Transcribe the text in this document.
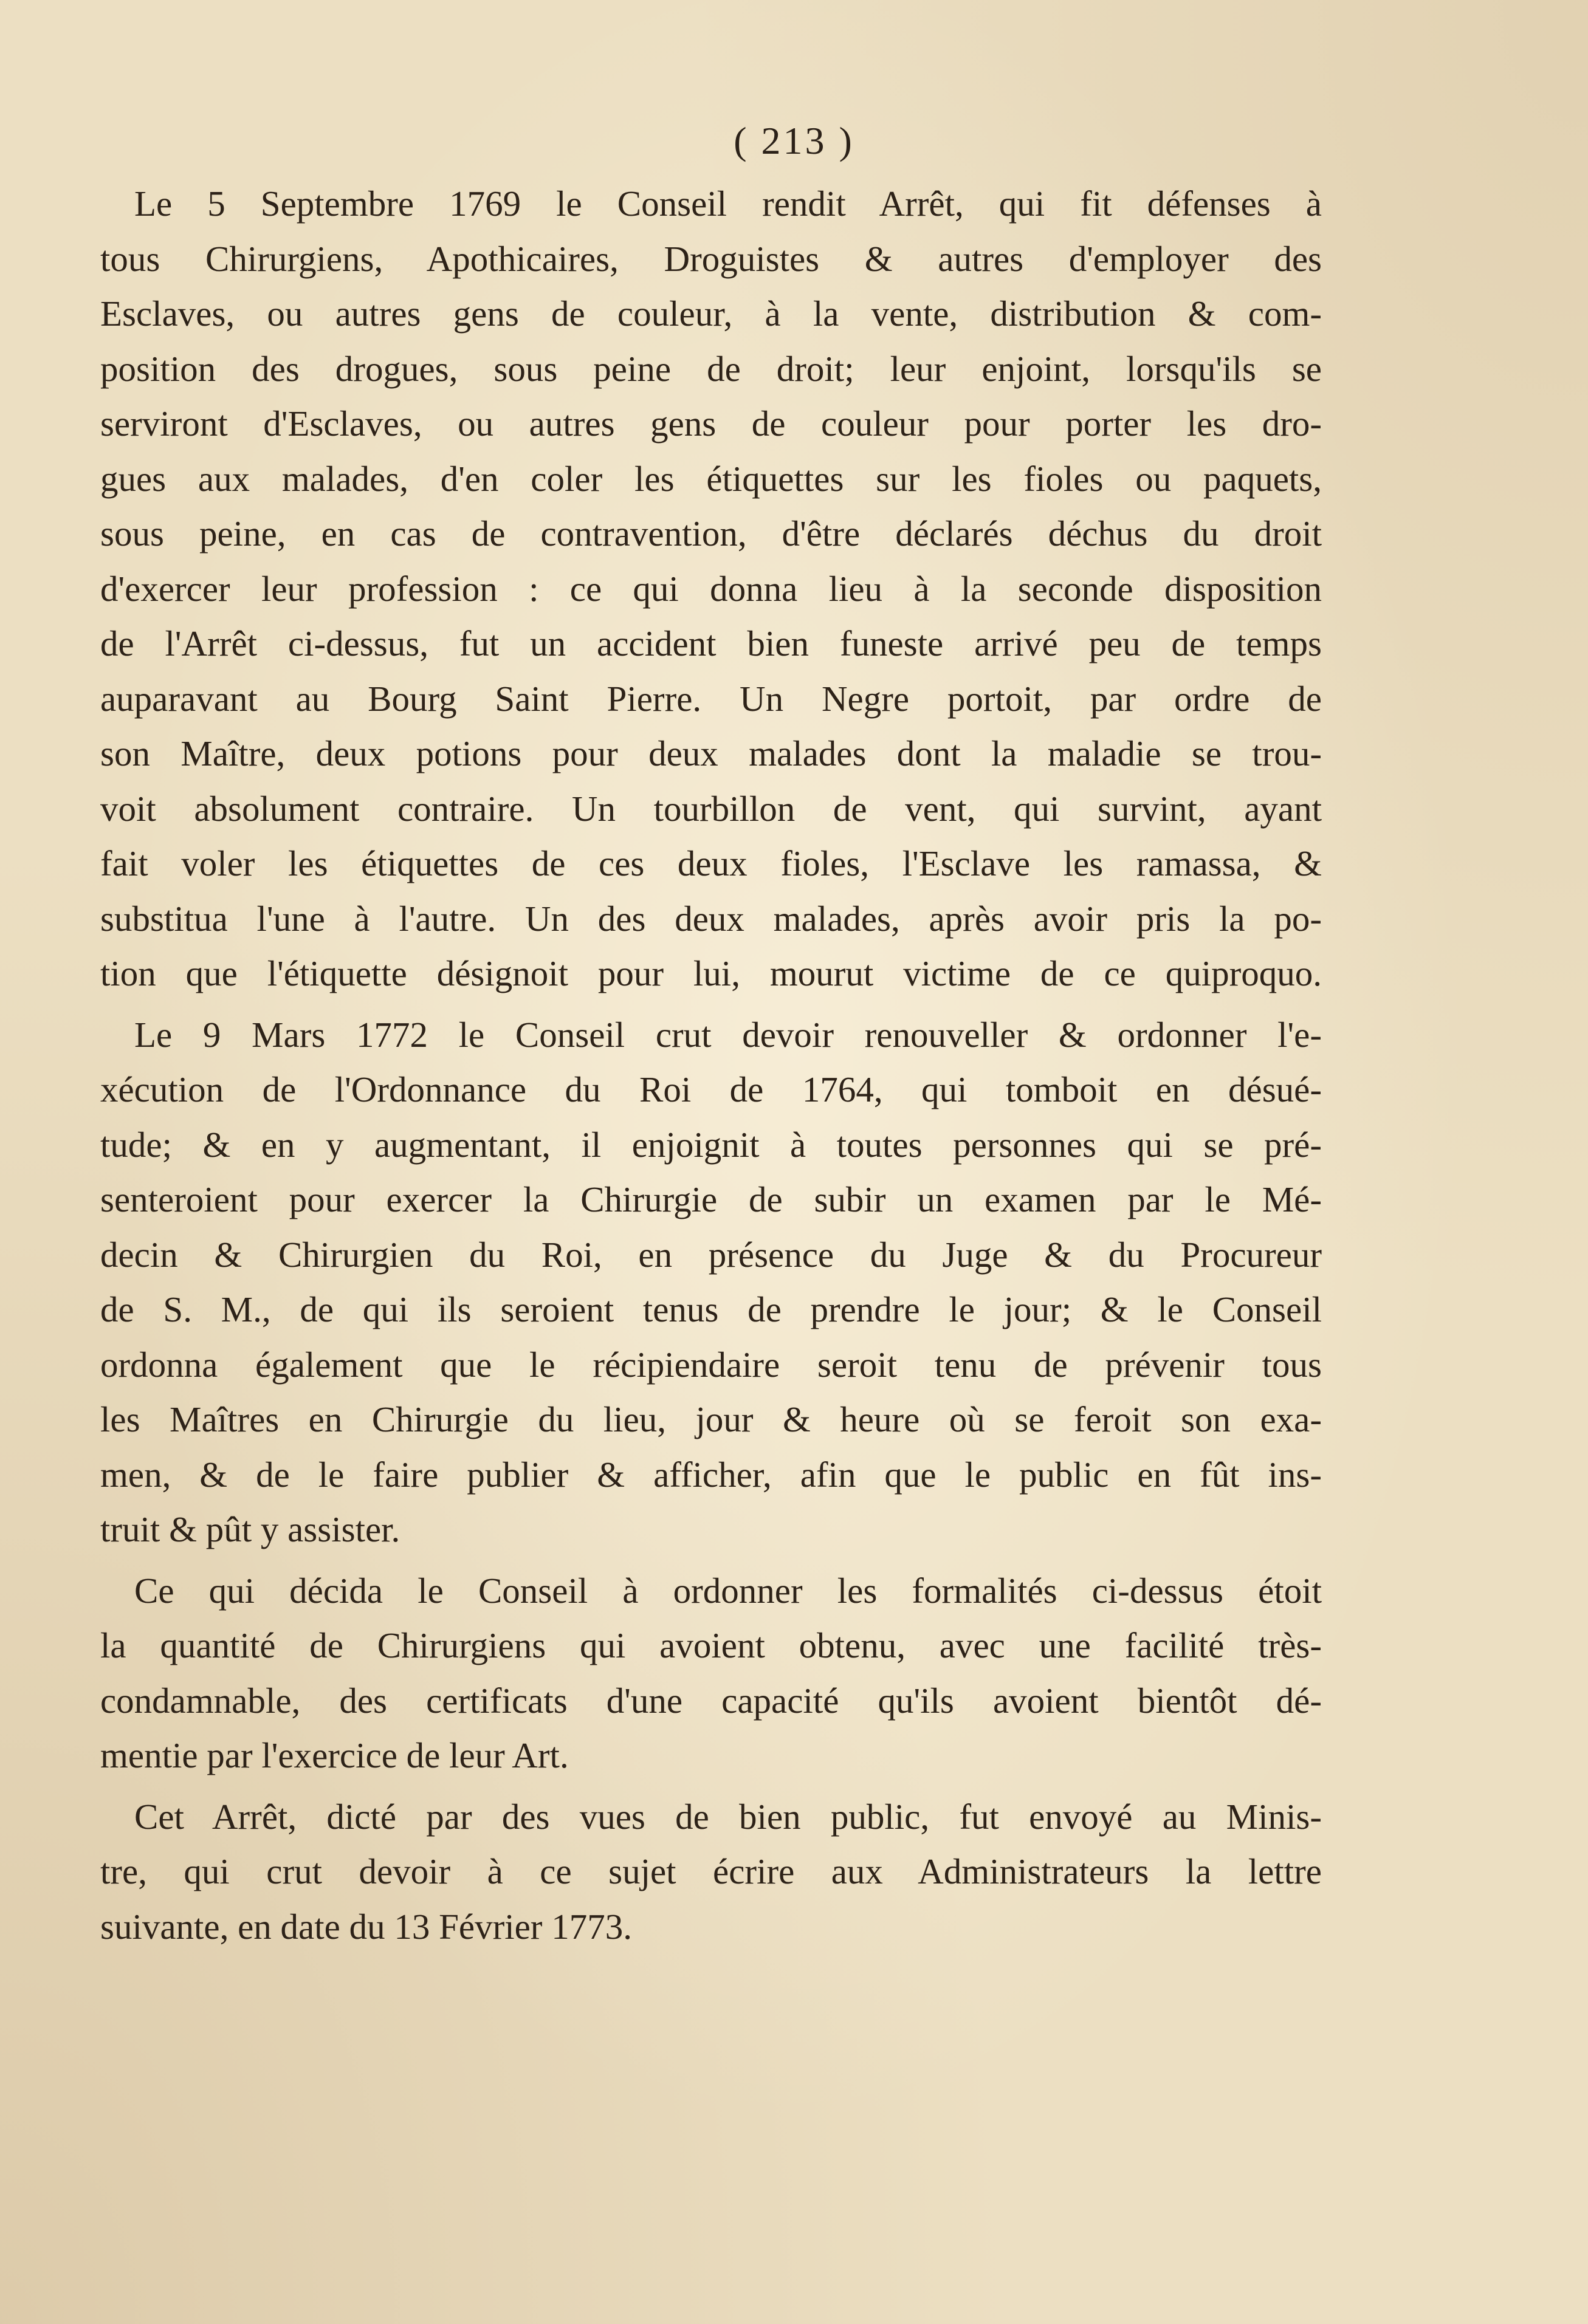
( 213 )
Le 5 Septembre 1769 le Conseil rendit Arrêt, qui fit défenses à
tous Chirurgiens, Apothicaires, Droguistes & autres d'employer des
Esclaves, ou autres gens de couleur, à la vente, distribution & com-
position des drogues, sous peine de droit; leur enjoint, lorsqu'ils se
serviront d'Esclaves, ou autres gens de couleur pour porter les dro-
gues aux malades, d'en coler les étiquettes sur les fioles ou paquets,
sous peine, en cas de contravention, d'être déclarés déchus du droit
d'exercer leur profession : ce qui donna lieu à la seconde disposition
de l'Arrêt ci-dessus, fut un accident bien funeste arrivé peu de temps
auparavant au Bourg Saint Pierre. Un Negre portoit, par ordre de
son Maître, deux potions pour deux malades dont la maladie se trou-
voit absolument contraire. Un tourbillon de vent, qui survint, ayant
fait voler les étiquettes de ces deux fioles, l'Esclave les ramassa, &
substitua l'une à l'autre. Un des deux malades, après avoir pris la po-
tion que l'étiquette désignoit pour lui, mourut victime de ce quiproquo.
Le 9 Mars 1772 le Conseil crut devoir renouveller & ordonner l'e-
xécution de l'Ordonnance du Roi de 1764, qui tomboit en désué-
tude; & en y augmentant, il enjoignit à toutes personnes qui se pré-
senteroient pour exercer la Chirurgie de subir un examen par le Mé-
decin & Chirurgien du Roi, en présence du Juge & du Procureur
de S. M., de qui ils seroient tenus de prendre le jour; & le Conseil
ordonna également que le récipiendaire seroit tenu de prévenir tous
les Maîtres en Chirurgie du lieu, jour & heure où se feroit son exa-
men, & de le faire publier & afficher, afin que le public en fût ins-
truit & pût y assister.
Ce qui décida le Conseil à ordonner les formalités ci-dessus étoit
la quantité de Chirurgiens qui avoient obtenu, avec une facilité très-
condamnable, des certificats d'une capacité qu'ils avoient bientôt dé-
mentie par l'exercice de leur Art.
Cet Arrêt, dicté par des vues de bien public, fut envoyé au Minis-
tre, qui crut devoir à ce sujet écrire aux Administrateurs la lettre
suivante, en date du 13 Février 1773.
